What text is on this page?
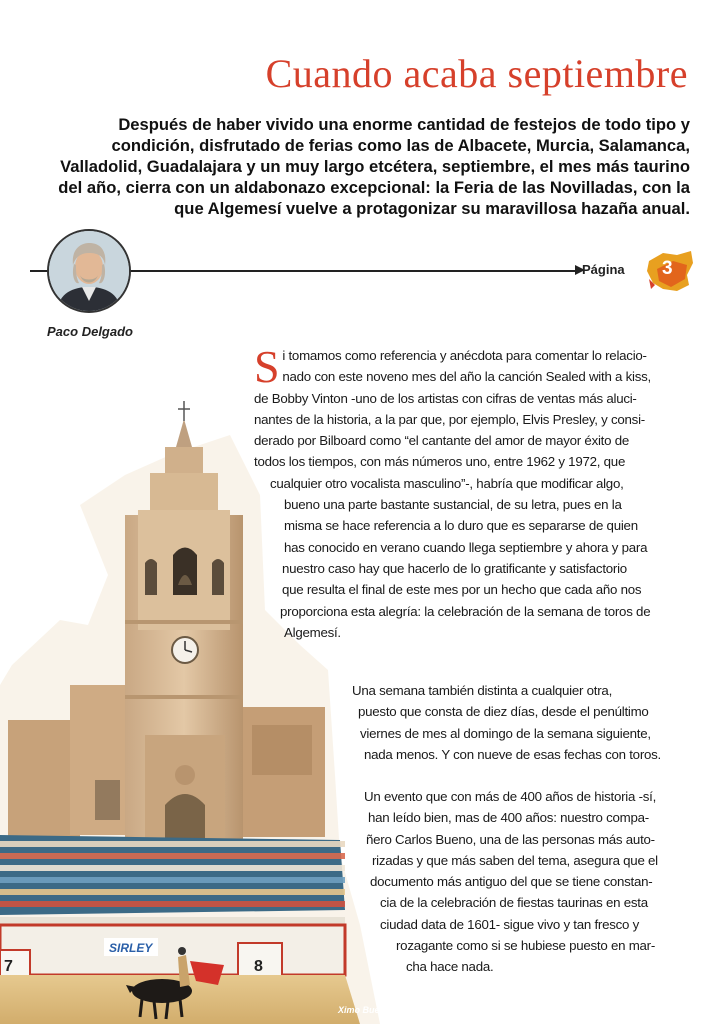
Cuando acaba septiembre

Después de haber vivido una enorme cantidad de festejos de todo tipo y condición, disfrutado de ferias como las de Albacete, Murcia, Salamanca, Valladolid, Guadalajara y un muy largo etcétera, septiembre, el mes más taurino del año, cierra con un aldabonazo excepcional: la Feria de las Novilladas, con la que Algemesí vuelve a protagonizar su maravillosa hazaña anual.

Paco Delgado
Página 3
7	8
SIRLEY
Ximo Bueno
S i tomamos como referencia y anécdota para comentar lo relacio-
nado con este noveno mes del año la canción Sealed with a kiss,
de Bobby Vinton -uno de los artistas con cifras de ventas más aluci-
nantes de la historia, a la par que, por ejemplo, Elvis Presley, y consi-
derado por Bilboard como “el cantante del amor de mayor éxito de
todos los tiempos, con más números uno, entre 1962 y 1972, que
cualquier otro vocalista masculino”-, habría que modificar algo,
bueno una parte bastante sustancial, de su letra, pues en la
misma se hace referencia a lo duro que es separarse de quien
has conocido en verano cuando llega septiembre y ahora y para
nuestro caso hay que hacerlo de lo gratificante y satisfactorio
que resulta el final de este mes por un hecho que cada año nos
proporciona esta alegría: la celebración de la semana de toros de
Algemesí.
Una semana también distinta a cualquier otra,
puesto que consta de diez días, desde el penúltimo
viernes de mes al domingo de la semana siguiente,
nada menos. Y con nueve de esas fechas con toros.
Un evento que con más de 400 años de historia -sí,
han leído bien, mas de 400 años: nuestro compa-
ñero Carlos Bueno, una de las personas más auto-
rizadas y que más saben del tema, asegura que el
documento más antiguo del que se tiene constan-
cia de la celebración de fiestas taurinas en esta
ciudad data de 1601- sigue vivo y tan fresco y
rozagante como si se hubiese puesto en mar-
cha hace nada.
